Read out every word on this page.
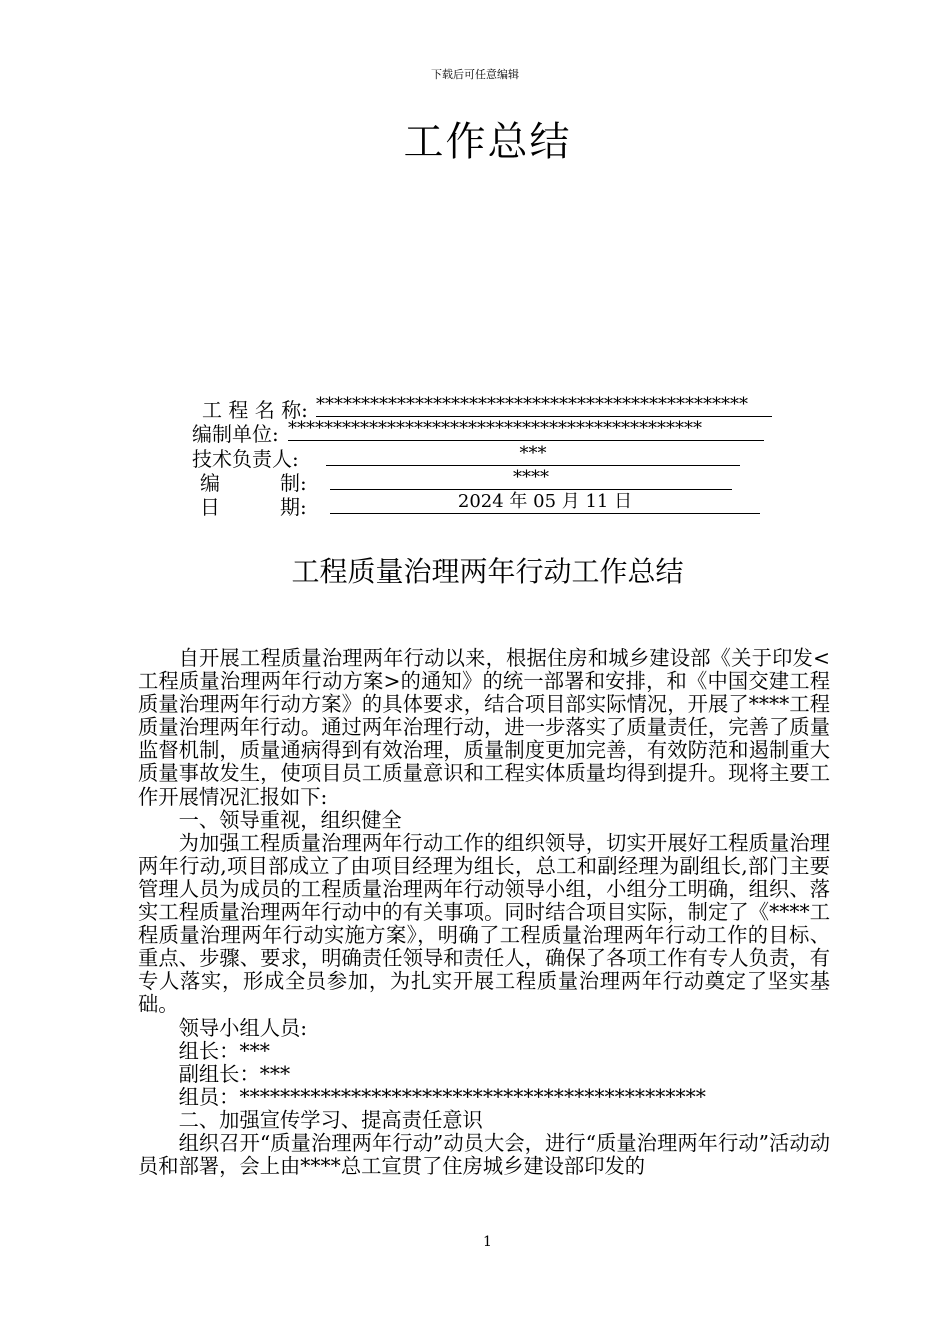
下载后可任意编辑
工作总结
工 程 名 称: ************************************************
编制单位: **********************************************
技术负责人:	***
编　　　制:	****
日　　　期:	2024 年 05 月 11 日
工程质量治理两年行动工作总结

自开展工程质量治理两年行动以来，根据住房和城乡建设部《关于印发<工程质量治理两年行动方案>的通知》的统一部署和安排，和《中国交建工程质量治理两年行动方案》的具体要求，结合项目部实际情况，开展了****工程质量治理两年行动。通过两年治理行动，进一步落实了质量责任，完善了质量监督机制，质量通病得到有效治理，质量制度更加完善，有效防范和遏制重大质量事故发生，使项目员工质量意识和工程实体质量均得到提升。现将主要工作开展情况汇报如下:

一、领导重视，组织健全

为加强工程质量治理两年行动工作的组织领导，切实开展好工程质量治理两年行动,项目部成立了由项目经理为组长，总工和副经理为副组长,部门主要管理人员为成员的工程质量治理两年行动领导小组，小组分工明确，组织、落实工程质量治理两年行动中的有关事项。同时结合项目实际，制定了《****工程质量治理两年行动实施方案》，明确了工程质量治理两年行动工作的目标、重点、步骤、要求，明确责任领导和责任人，确保了各项工作有专人负责，有专人落实，形成全员参加，为扎实开展工程质量治理两年行动奠定了坚实基础。

领导小组人员:

组长：***

副组长：***

组员：**********************************************

二、加强宣传学习、提高责任意识

组织召开“质量治理两年行动”动员大会，进行“质量治理两年行动”活动动员和部署，会上由****总工宣贯了住房城乡建设部印发的

1
